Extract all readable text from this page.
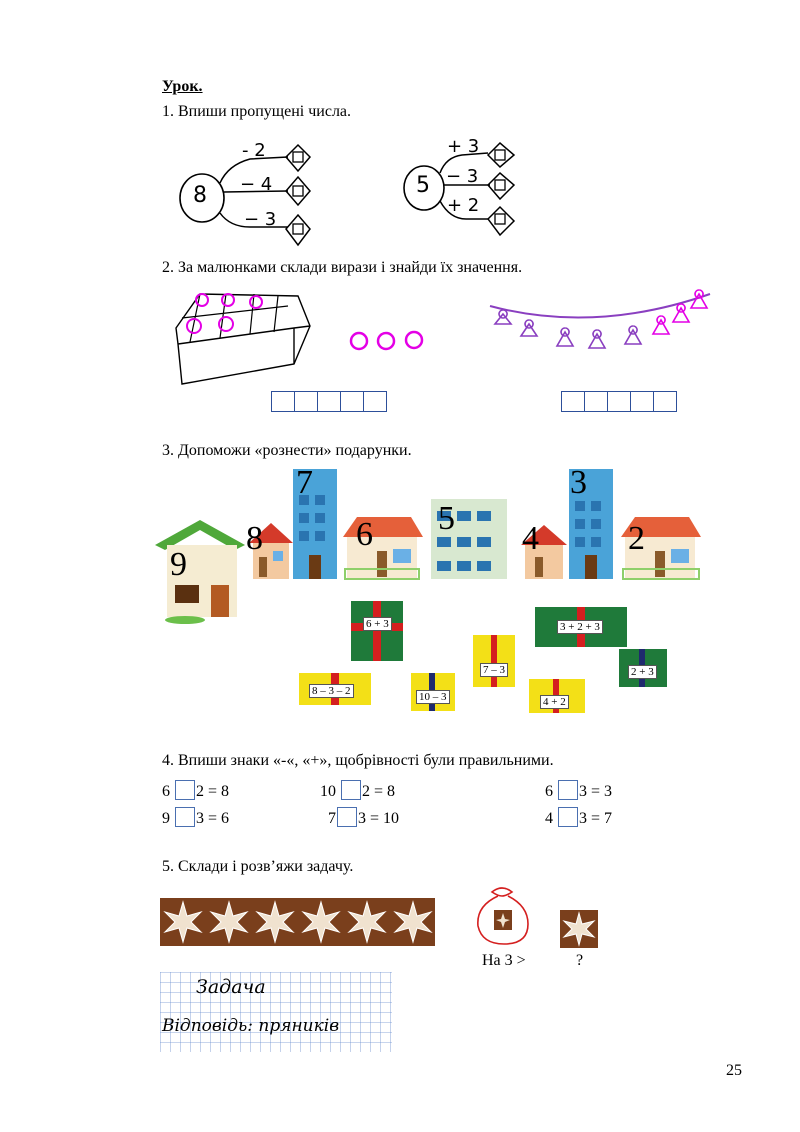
Урок.
1. Впиши пропущені числа.
8
- 2
− 4
− 3
5
+ 3
− 3
+ 2
2. За малюнками склади вирази і знайди їх значення.
3. Допоможи «рознести» подарунки.
9
8
7
6 5
4
3
2
6 + 3	3 + 2 + 3
7 – 3	2 + 3
8 – 3 – 2	10 – 3	4 + 2
4. Впиши знаки «-«, «+», щобрівності були правильними.
6 2 = 8	10 2 = 8	6 3 = 3
9 3 = 6	7 3 = 10	4 3 = 7
5. Склади і розв’яжи задачу.
На 3 >	?
Задача
Відповідь: пряників
25
